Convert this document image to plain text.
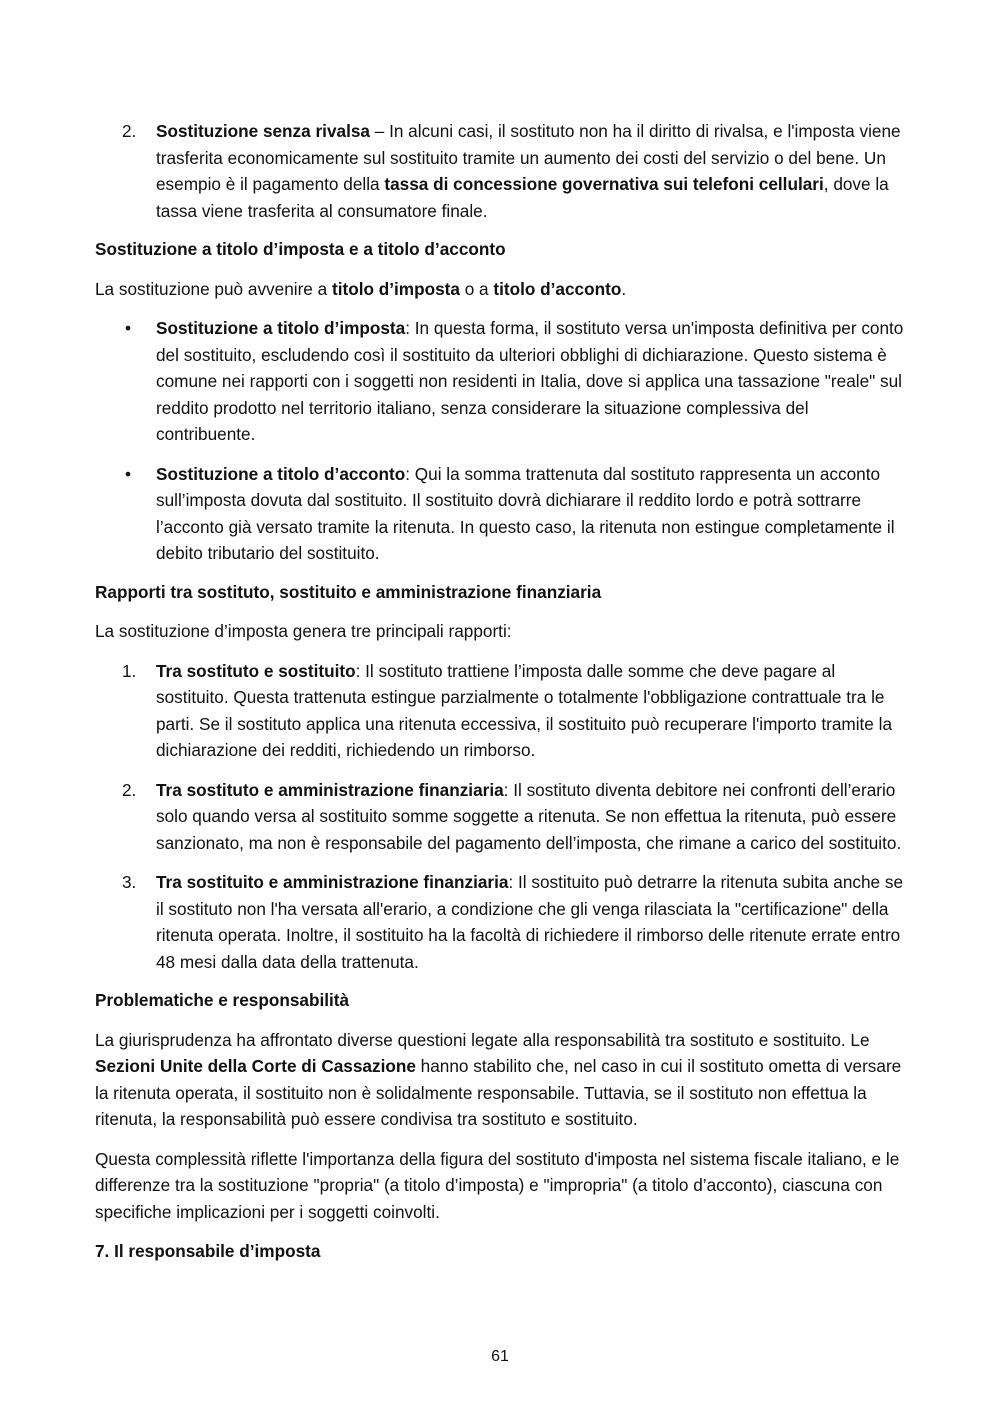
2.	Sostituzione senza rivalsa – In alcuni casi, il sostituto non ha il diritto di rivalsa, e l'imposta viene trasferita economicamente sul sostituito tramite un aumento dei costi del servizio o del bene. Un esempio è il pagamento della tassa di concessione governativa sui telefoni cellulari, dove la tassa viene trasferita al consumatore finale.
Sostituzione a titolo d’imposta e a titolo d’acconto
La sostituzione può avvenire a titolo d’imposta o a titolo d’acconto.
•	Sostituzione a titolo d’imposta: In questa forma, il sostituto versa un'imposta definitiva per conto del sostituito, escludendo così il sostituito da ulteriori obblighi di dichiarazione. Questo sistema è comune nei rapporti con i soggetti non residenti in Italia, dove si applica una tassazione "reale" sul reddito prodotto nel territorio italiano, senza considerare la situazione complessiva del contribuente.
•	Sostituzione a titolo d’acconto: Qui la somma trattenuta dal sostituto rappresenta un acconto sull’imposta dovuta dal sostituito. Il sostituito dovrà dichiarare il reddito lordo e potrà sottrarre l’acconto già versato tramite la ritenuta. In questo caso, la ritenuta non estingue completamente il debito tributario del sostituito.
Rapporti tra sostituto, sostituito e amministrazione finanziaria
La sostituzione d’imposta genera tre principali rapporti:
1.	Tra sostituto e sostituito: Il sostituto trattiene l’imposta dalle somme che deve pagare al sostituito. Questa trattenuta estingue parzialmente o totalmente l'obbligazione contrattuale tra le parti. Se il sostituto applica una ritenuta eccessiva, il sostituito può recuperare l'importo tramite la dichiarazione dei redditi, richiedendo un rimborso.
2.	Tra sostituto e amministrazione finanziaria: Il sostituto diventa debitore nei confronti dell’erario solo quando versa al sostituito somme soggette a ritenuta. Se non effettua la ritenuta, può essere sanzionato, ma non è responsabile del pagamento dell’imposta, che rimane a carico del sostituito.
3.	Tra sostituito e amministrazione finanziaria: Il sostituito può detrarre la ritenuta subita anche se il sostituto non l'ha versata all'erario, a condizione che gli venga rilasciata la "certificazione" della ritenuta operata. Inoltre, il sostituito ha la facoltà di richiedere il rimborso delle ritenute errate entro 48 mesi dalla data della trattenuta.
Problematiche e responsabilità
La giurisprudenza ha affrontato diverse questioni legate alla responsabilità tra sostituto e sostituito. Le Sezioni Unite della Corte di Cassazione hanno stabilito che, nel caso in cui il sostituto ometta di versare la ritenuta operata, il sostituito non è solidalmente responsabile. Tuttavia, se il sostituto non effettua la ritenuta, la responsabilità può essere condivisa tra sostituto e sostituito.
Questa complessità riflette l'importanza della figura del sostituto d'imposta nel sistema fiscale italiano, e le differenze tra la sostituzione "propria" (a titolo d’imposta) e "impropria" (a titolo d’acconto), ciascuna con specifiche implicazioni per i soggetti coinvolti.
7. Il responsabile d’imposta
61
